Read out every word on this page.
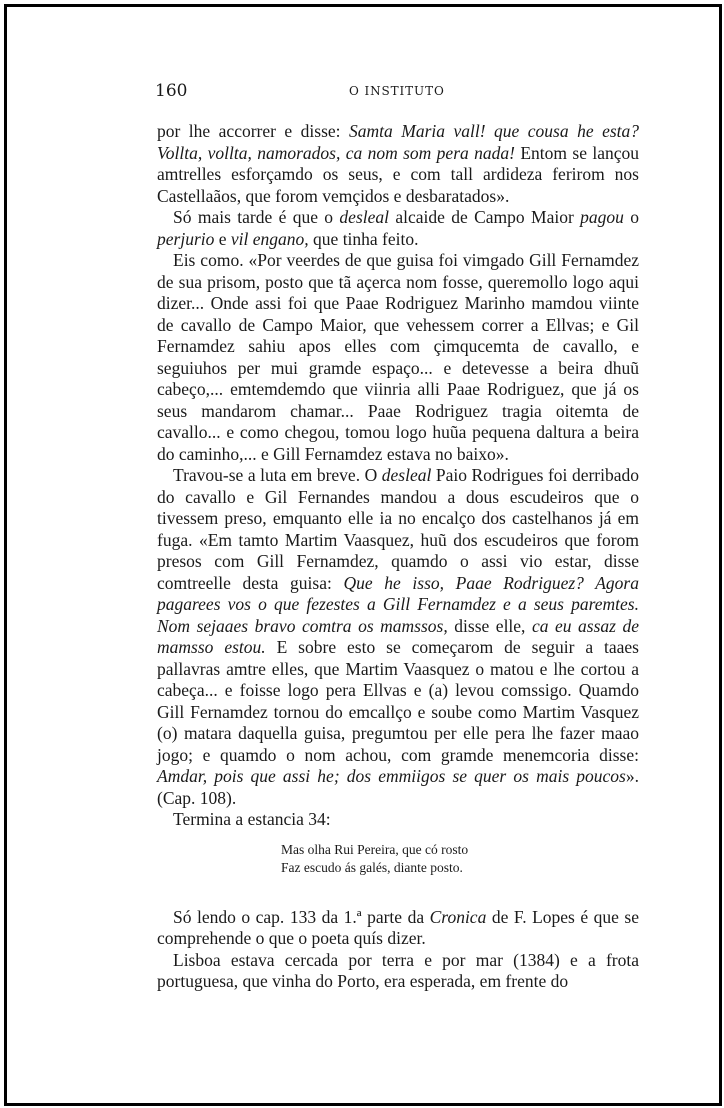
160	O INSTITUTO

por lhe accorrer e disse: Samta Maria vall! que cousa he esta? Vollta, vollta, namorados, ca nom som pera nada! Entom se lançou amtrelles esforçamdo os seus, e com tall ardideza ferirom nos Castellaãos, que forom vemçidos e desbaratados».

Só mais tarde é que o desleal alcaide de Campo Maior pagou o perjurio e vil engano, que tinha feito.

Eis como. «Por veerdes de que guisa foi vimgado Gill Fernamdez de sua prisom, posto que tã açerca nom fosse, queremollo logo aqui dizer... Onde assi foi que Paae Rodriguez Marinho mamdou viinte de cavallo de Campo Maior, que vehessem correr a Ellvas; e Gil Fernamdez sahiu apos elles com çimqucemta de cavallo, e seguiuhos per mui gramde espaço... e detevesse a beira dhuũ cabeço,... emtemdemdo que viinria alli Paae Rodriguez, que já os seus mandarom chamar... Paae Rodriguez tragia oitemta de cavallo... e como chegou, tomou logo huũa pequena daltura a beira do caminho,... e Gill Fernamdez estava no baixo».

Travou-se a luta em breve. O desleal Paio Rodrigues foi derribado do cavallo e Gil Fernandes mandou a dous escudeiros que o tivessem preso, emquanto elle ia no encalço dos castelhanos já em fuga. «Em tamto Martim Vaasquez, huũ dos escudeiros que forom presos com Gill Fernamdez, quamdo o assi vio estar, disse comtreelle desta guisa: Que he isso, Paae Rodriguez? Agora pagarees vos o que fezestes a Gill Fernamdez e a seus paremtes. Nom sejaaes bravo comtra os mamssos, disse elle, ca eu assaz de mamsso estou. E sobre esto se começarom de seguir a taaes pallavras amtre elles, que Martim Vaasquez o matou e lhe cortou a cabeça... e foisse logo pera Ellvas e (a) levou comssigo. Quamdo Gill Fernamdez tornou do emcallço e soube como Martim Vasquez (o) matara daquella guisa, pregumtou per elle pera lhe fazer maao jogo; e quamdo o nom achou, com gramde menemcoria disse: Amdar, pois que assi he; dos emmiigos se quer os mais poucos». (Cap. 108).

Termina a estancia 34:

Mas olha Rui Pereira, que có rosto
Faz escudo ás galés, diante posto.

Só lendo o cap. 133 da 1.ª parte da Cronica de F. Lopes é que se comprehende o que o poeta quís dizer.

Lisboa estava cercada por terra e por mar (1384) e a frota portuguesa, que vinha do Porto, era esperada, em frente do
